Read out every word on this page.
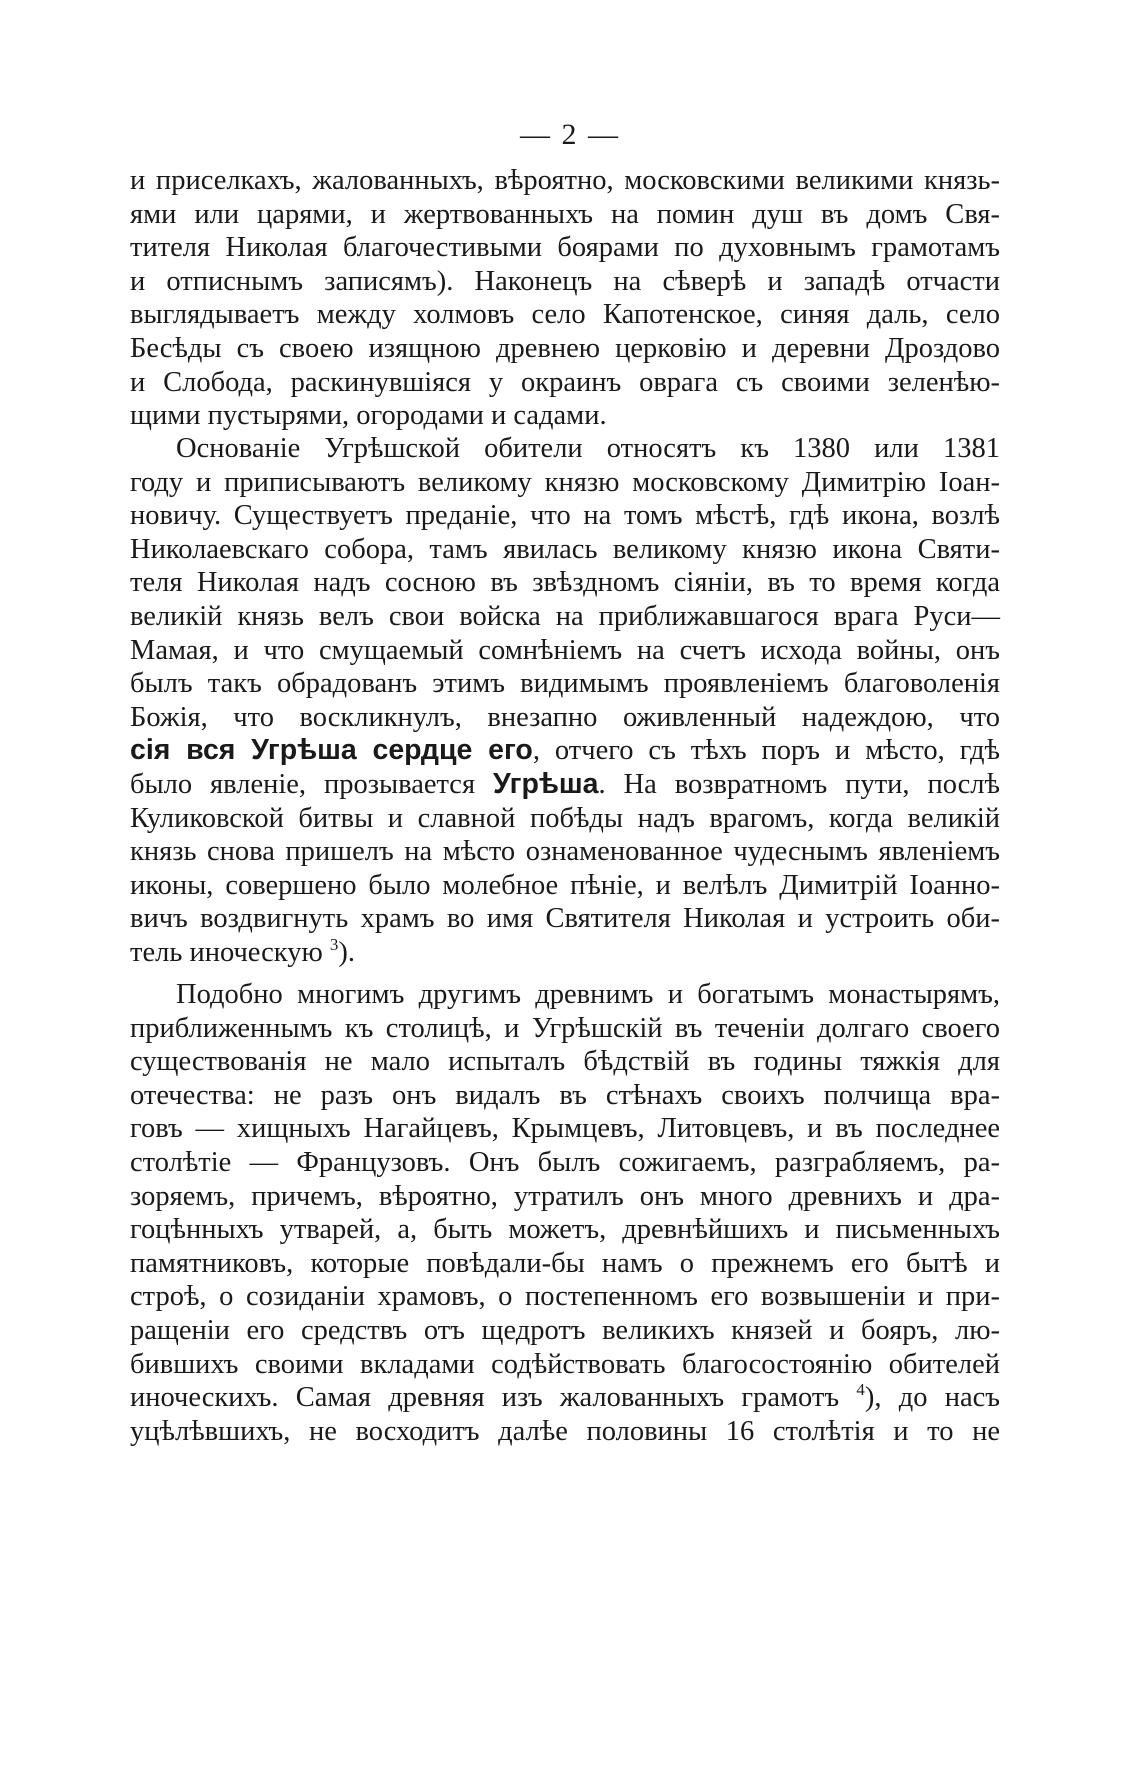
— 2 —
и приселкахъ, жалованныхъ, вѣроятно, московскими великими князь-
ями или царями, и жертвованныхъ на помин душ въ домъ Свя-
тителя Николая благочестивыми боярами по духовнымъ грамотамъ
и отписнымъ записямъ). Наконецъ на сѣверѣ и западѣ отчасти
выглядываетъ между холмовъ село Капотенское, синяя даль, село
Бесѣды съ своею изящною древнею церковію и деревни Дроздово
и Слобода, раскинувшіяся у окраинъ оврага съ своими зеленѣю-
щими пустырями, огородами и садами.
Основаніе Угрѣшской обители относятъ къ 1380 или 1381
году и приписываютъ великому князю московскому Димитрію Іоан-
новичу. Существуетъ преданіе, что на томъ мѣстѣ, гдѣ икона, возлѣ
Николаевскаго собора, тамъ явилась великому князю икона Святи-
теля Николая надъ сосною въ звѣздномъ сіяніи, въ то время когда
великій князь велъ свои войска на приближавшагося врага Руси—
Мамая, и что смущаемый сомнѣніемъ на счетъ исхода войны, онъ
былъ такъ обрадованъ этимъ видимымъ проявленіемъ благоволенія
Божія, что воскликнулъ, внезапно оживленный надеждою, что
сія вся Угрѣша сердце его, отчего съ тѣхъ поръ и мѣсто, гдѣ
было явленіе, прозывается Угрѣша. На возвратномъ пути, послѣ
Куликовской битвы и славной побѣды надъ врагомъ, когда великій
князь снова пришелъ на мѣсто ознаменованное чудеснымъ явленіемъ
иконы, совершено было молебное пѣніе, и велѣлъ Димитрій Іоанно-
вичъ воздвигнуть храмъ во имя Святителя Николая и устроить оби-
тель иноческую $^3$).
Подобно многимъ другимъ древнимъ и богатымъ монастырямъ,
приближеннымъ къ столицѣ, и Угрѣшскій въ теченіи долгаго своего
существованія не мало испыталъ бѣдствій въ годины тяжкія для
отечества: не разъ онъ видалъ въ стѣнахъ своихъ полчища вра-
говъ — хищныхъ Нагайцевъ, Крымцевъ, Литовцевъ, и въ последнее
столѣтіе — Французовъ. Онъ былъ сожигаемъ, разграбляемъ, ра-
зоряемъ, причемъ, вѣроятно, утратилъ онъ много древнихъ и дра-
гоцѣнныхъ утварей, а, быть можетъ, древнѣйшихъ и письменныхъ
памятниковъ, которые повѣдали-бы намъ о прежнемъ его бытѣ и
строѣ, о созиданіи храмовъ, о постепенномъ его возвышеніи и при-
ращеніи его средствъ отъ щедротъ великихъ князей и бояръ, лю-
бившихъ своими вкладами содѣйствовать благосостоянію обителей
иноческихъ. Самая древняя изъ жалованныхъ грамотъ $^4$), до насъ
уцѣлѣвшихъ, не восходитъ далѣе половины 16 столѣтія и то не
